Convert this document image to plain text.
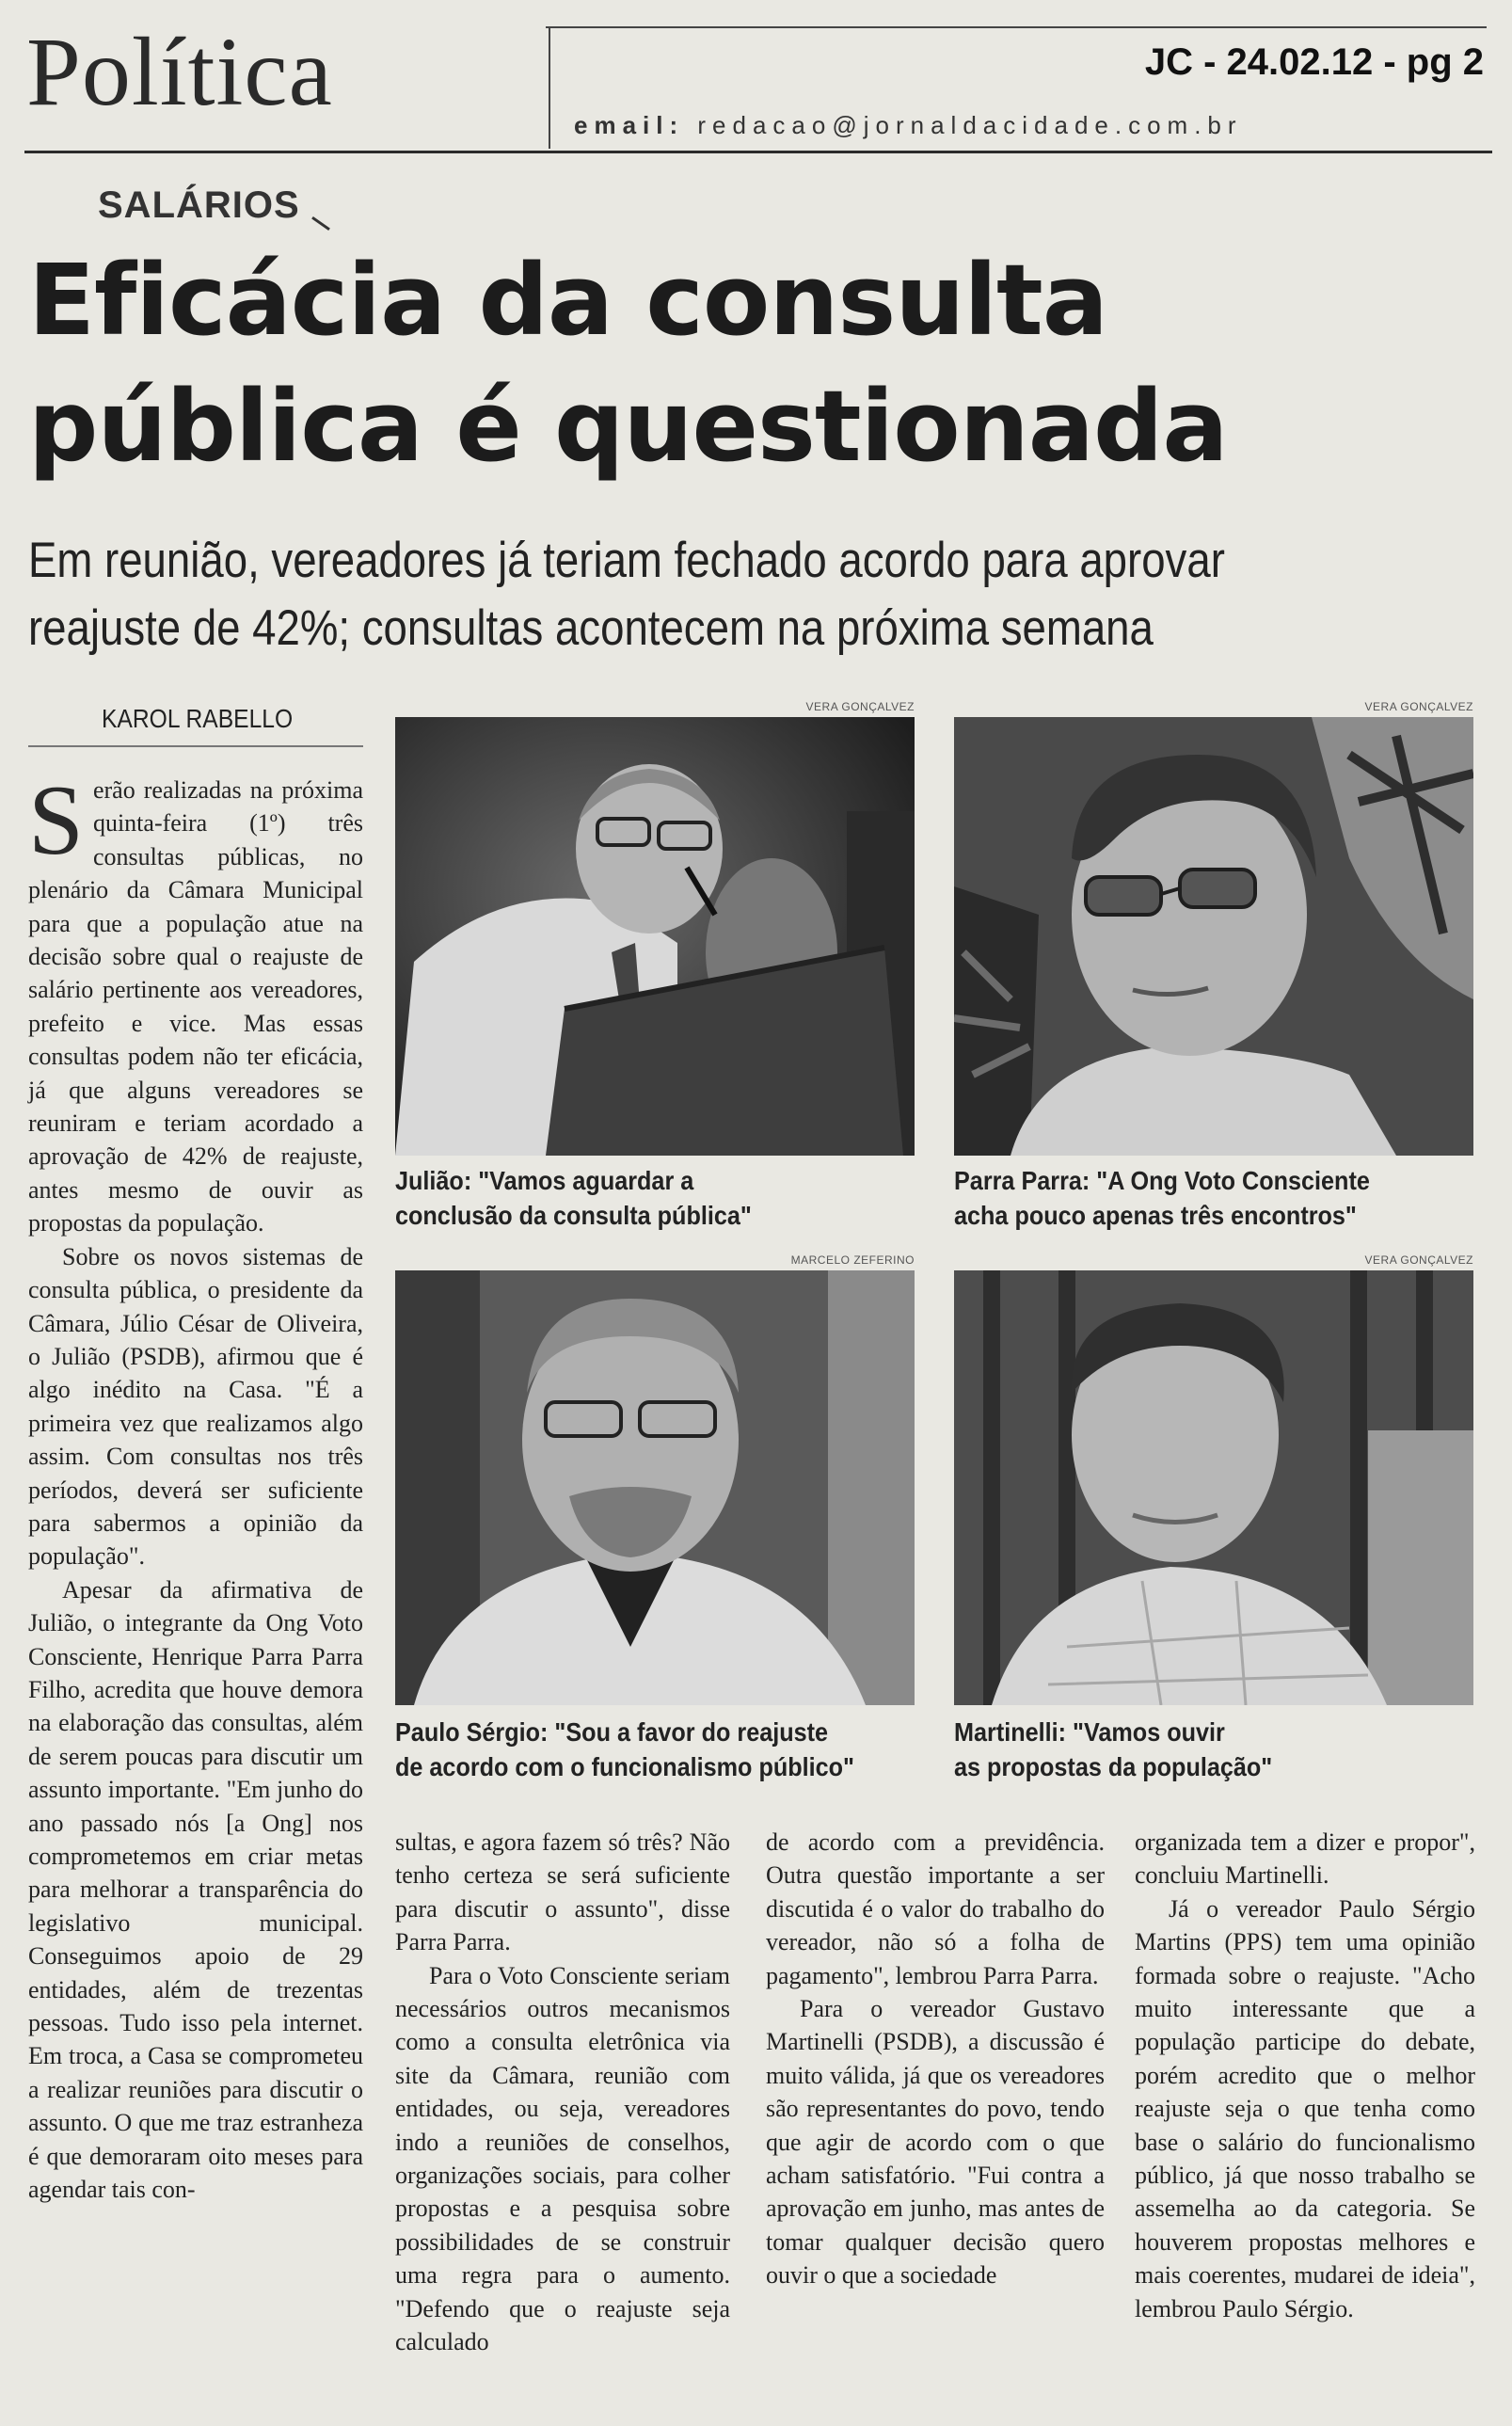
Política	JC - 24.02.12 - pg 2
email: redacao@jornaldacidade.com.br
SALÁRIOS
Eficácia da consulta
pública é questionada
Em reunião, vereadores já teriam fechado acordo para aprovar reajuste de 42%; consultas acontecem na próxima semana
KAROL RABELLO

Serão realizadas na próxima quinta-feira (1º) três consultas públicas, no plenário da Câmara Municipal para que a população atue na decisão sobre qual o reajuste de salário pertinente aos vereadores, prefeito e vice. Mas essas consultas podem não ter eficácia, já que alguns vereadores se reuniram e teriam acordado a aprovação de 42% de reajuste, antes mesmo de ouvir as propostas da população.

Sobre os novos sistemas de consulta pública, o presidente da Câmara, Júlio César de Oliveira, o Julião (PSDB), afirmou que é algo inédito na Casa. "É a primeira vez que realizamos algo assim. Com consultas nos três períodos, deverá ser suficiente para sabermos a opinião da população".

Apesar da afirmativa de Julião, o integrante da Ong Voto Consciente, Henrique Parra Parra Filho, acredita que houve demora na elaboração das consultas, além de serem poucas para discutir um assunto importante. "Em junho do ano passado nós [a Ong] nos comprometemos em criar metas para melhorar a transparência do legislativo municipal. Conseguimos apoio de 29 entidades, além de trezentas pessoas. Tudo isso pela internet. Em troca, a Casa se comprometeu a realizar reuniões para discutir o assunto. O que me traz estranheza é que demoraram oito meses para agendar tais con-

VERA GONÇALVEZ
Julião: "Vamos aguardar a
conclusão da consulta pública"
VERA GONÇALVEZ
Parra Parra: "A Ong Voto Consciente
acha pouco apenas três encontros"
MARCELO ZEFERINO
Paulo Sérgio: "Sou a favor do reajuste
de acordo com o funcionalismo público"
VERA GONÇALVEZ
Martinelli: "Vamos ouvir
as propostas da população"

sultas, e agora fazem só três? Não tenho certeza se será suficiente para discutir o assunto", disse Parra Parra.

Para o Voto Consciente seriam necessários outros mecanismos como a consulta eletrônica via site da Câmara, reunião com entidades, ou seja, vereadores indo a reuniões de conselhos, organizações sociais, para colher propostas e a pesquisa sobre possibilidades de se construir uma regra para o aumento. "Defendo que o reajuste seja calculado

de acordo com a previdência. Outra questão importante a ser discutida é o valor do trabalho do vereador, não só a folha de pagamento", lembrou Parra Parra.

Para o vereador Gustavo Martinelli (PSDB), a discussão é muito válida, já que os vereadores são representantes do povo, tendo que agir de acordo com o que acham satisfatório. "Fui contra a aprovação em junho, mas antes de tomar qualquer decisão quero ouvir o que a sociedade

organizada tem a dizer e propor", concluiu Martinelli.

Já o vereador Paulo Sérgio Martins (PPS) tem uma opinião formada sobre o reajuste. "Acho muito interessante que a população participe do debate, porém acredito que o melhor reajuste seja o que tenha como base o salário do funcionalismo público, já que nosso trabalho se assemelha ao da categoria. Se houverem propostas melhores e mais coerentes, mudarei de ideia", lembrou Paulo Sérgio.
